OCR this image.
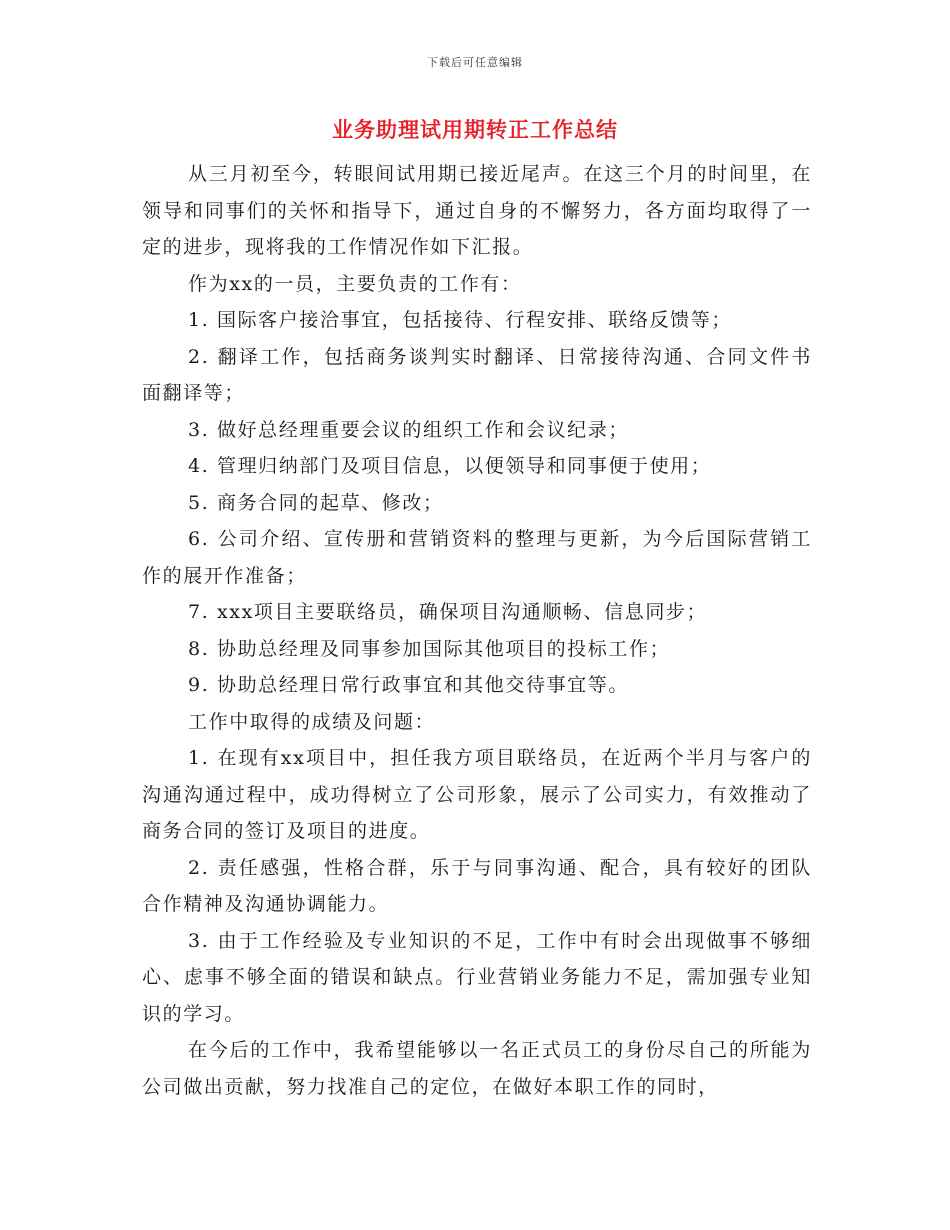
下载后可任意编辑
业务助理试用期转正工作总结

从三月初至今，转眼间试用期已接近尾声。在这三个月的时间里，在领导和同事们的关怀和指导下，通过自身的不懈努力，各方面均取得了一定的进步，现将我的工作情况作如下汇报。

作为xx的一员，主要负责的工作有：

1. 国际客户接洽事宜，包括接待、行程安排、联络反馈等；

2. 翻译工作，包括商务谈判实时翻译、日常接待沟通、合同文件书面翻译等；

3. 做好总经理重要会议的组织工作和会议纪录；

4. 管理归纳部门及项目信息，以便领导和同事便于使用；

5. 商务合同的起草、修改；

6. 公司介绍、宣传册和营销资料的整理与更新，为今后国际营销工作的展开作准备；

7. xxx项目主要联络员，确保项目沟通顺畅、信息同步；

8. 协助总经理及同事参加国际其他项目的投标工作；

9. 协助总经理日常行政事宜和其他交待事宜等。

工作中取得的成绩及问题：

1. 在现有xx项目中，担任我方项目联络员，在近两个半月与客户的沟通沟通过程中，成功得树立了公司形象，展示了公司实力，有效推动了商务合同的签订及项目的进度。

2. 责任感强，性格合群，乐于与同事沟通、配合，具有较好的团队合作精神及沟通协调能力。

3. 由于工作经验及专业知识的不足，工作中有时会出现做事不够细心、虑事不够全面的错误和缺点。行业营销业务能力不足，需加强专业知识的学习。

在今后的工作中，我希望能够以一名正式员工的身份尽自己的所能为公司做出贡献，努力找准自己的定位，在做好本职工作的同时，
